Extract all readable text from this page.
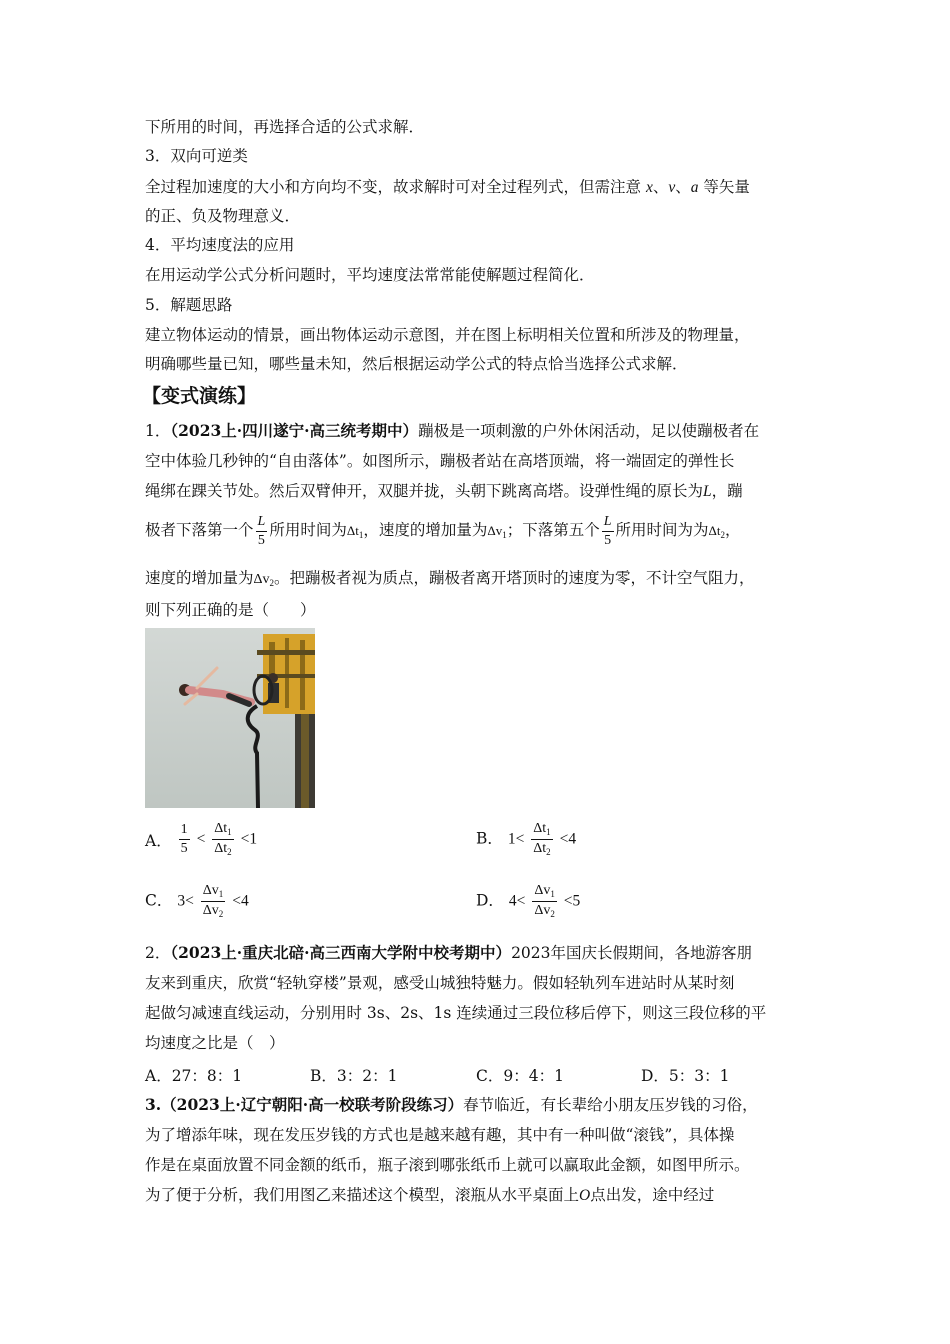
下所用的时间，再选择合适的公式求解．
3．双向可逆类
全过程加速度的大小和方向均不变，故求解时可对全过程列式，但需注意 x、v、a 等矢量
的正、负及物理意义．
4．平均速度法的应用
在用运动学公式分析问题时，平均速度法常常能使解题过程简化．
5．解题思路
建立物体运动的情景，画出物体运动示意图，并在图上标明相关位置和所涉及的物理量，
明确哪些量已知，哪些量未知，然后根据运动学公式的特点恰当选择公式求解．
【变式演练】
1．（2023上·四川遂宁·高三统考期中）蹦极是一项刺激的户外休闲活动，足以使蹦极者在
空中体验几秒钟的“自由落体”。如图所示，蹦极者站在高塔顶端，将一端固定的弹性长
绳绑在踝关节处。然后双臂伸开，双腿并拢，头朝下跳离高塔。设弹性绳的原长为L，蹦
极者下落第一个 $\frac{L}{5}$ 所用时间为$\Delta t_1$，速度的增加量为$\Delta v_1$；下落第五个 $\frac{L}{5}$ 所用时间为为$\Delta t_2$，
速度的增加量为$\Delta v_2$。把蹦极者视为质点，蹦极者离开塔顶时的速度为零，不计空气阻力，
则下列正确的是（　　）
A． $\frac{1}{5} < \frac{\Delta t_1}{\Delta t_2} <1$	B． $1< \frac{\Delta t_1}{\Delta t_2} <4$
C． $3< \frac{\Delta v_1}{\Delta v_2} <4$	D． $4< \frac{\Delta v_1}{\Delta v_2} <5$
2．（2023上·重庆北碚·高三西南大学附中校考期中）2023年国庆长假期间，各地游客朋
友来到重庆，欣赏“轻轨穿楼”景观，感受山城独特魅力。假如轻轨列车进站时从某时刻
起做匀减速直线运动，分别用时 3s、2s、1s 连续通过三段位移后停下，则这三段位移的平
均速度之比是（　）
A．27：8：1	B．3：2：1	C．9：4：1	D．5：3：1
3.（2023上·辽宁朝阳·高一校联考阶段练习）春节临近，有长辈给小朋友压岁钱的习俗，
为了增添年味，现在发压岁钱的方式也是越来越有趣，其中有一种叫做“滚钱”，具体操
作是在桌面放置不同金额的纸币，瓶子滚到哪张纸币上就可以赢取此金额，如图甲所示。
为了便于分析，我们用图乙来描述这个模型，滚瓶从水平桌面上O点出发，途中经过
